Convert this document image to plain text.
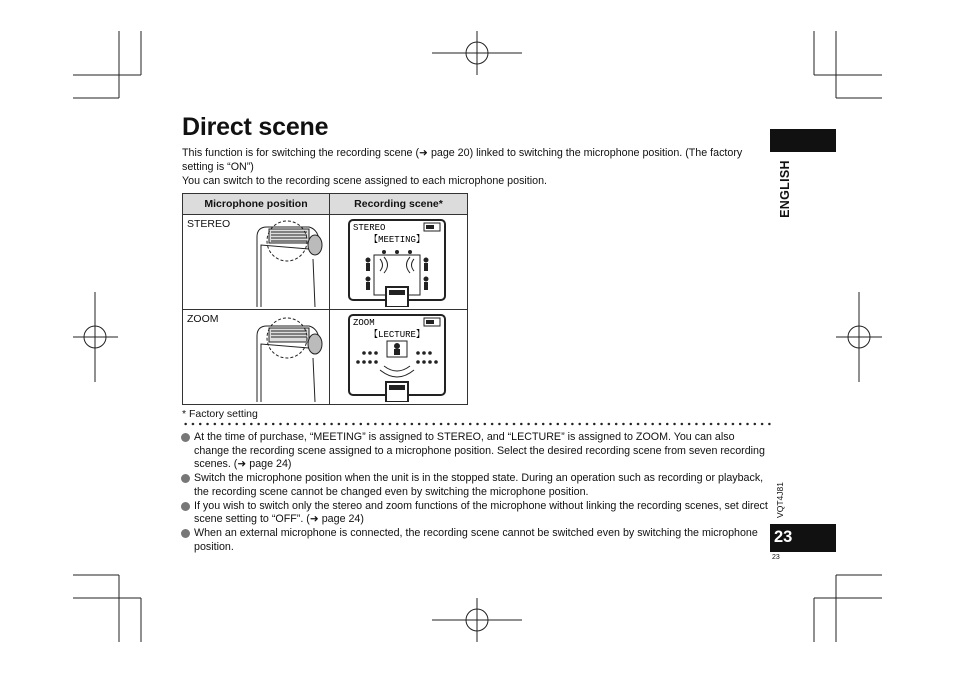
Direct scene

This function is for switching the recording scene (➜ page 20) linked to switching the microphone position. (The factory setting is “ON”)

You can switch to the recording scene assigned to each microphone position.

Microphone position	Recording scene*

STEREO	STEREO
【MEETING】

ZOOM	ZOOM
【LECTURE】
* Factory setting
At the time of purchase, “MEETING” is assigned to STEREO, and “LECTURE” is assigned to ZOOM. You can also change the recording scene assigned to a microphone position. Select the desired recording scene from seven recording scenes. (➜ page 24)
Switch the microphone position when the unit is in the stopped state. During an operation such as recording or playback, the recording scene cannot be changed even by switching the microphone position.
If you wish to switch only the stereo and zoom functions of the microphone without linking the recording scenes, set direct scene setting to “OFF”. (➜ page 24)
When an external microphone is connected, the recording scene cannot be switched even by switching the microphone position.
ENGLISH
VQT4J81
23
23
